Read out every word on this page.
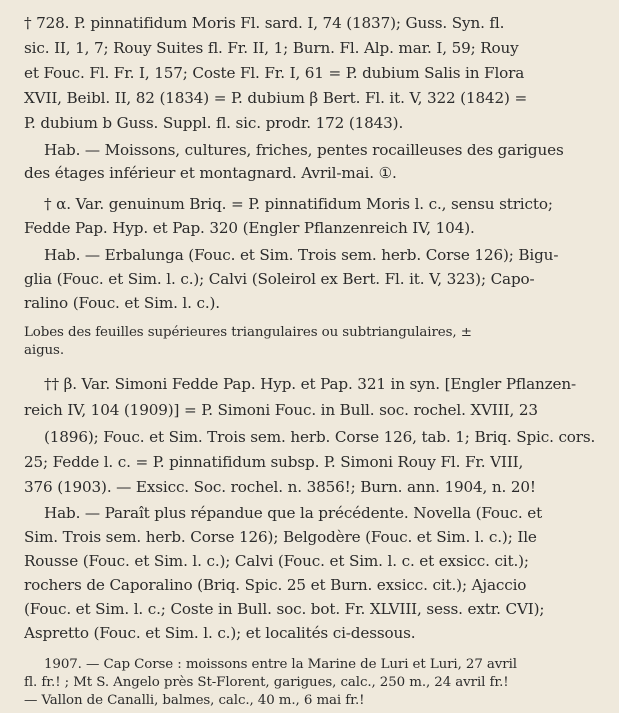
† 728. P. pinnatifidum Moris Fl. sard. I, 74 (1837); Guss. Syn. fl.
sic. II, 1, 7; Rouy Suites fl. Fr. II, 1; Burn. Fl. Alp. mar. I, 59; Rouy
et Fouc. Fl. Fr. I, 157; Coste Fl. Fr. I, 61 = P. dubium Salis in Flora
XVII, Beibl. II, 82 (1834) = P. dubium β Bert. Fl. it. V, 322 (1842) =
P. dubium b Guss. Suppl. fl. sic. prodr. 172 (1843).
Hab. — Moissons, cultures, friches, pentes rocailleuses des garigues
des étages inférieur et montagnard. Avril-mai. ①.
† α. Var. genuinum Briq. = P. pinnatifidum Moris l. c., sensu stricto;
Fedde Pap. Hyp. et Pap. 320 (Engler Pflanzenreich IV, 104).
Hab. — Erbalunga (Fouc. et Sim. Trois sem. herb. Corse 126); Bigu-
glia (Fouc. et Sim. l. c.); Calvi (Soleirol ex Bert. Fl. it. V, 323); Capo-
ralino (Fouc. et Sim. l. c.).
Lobes des feuilles supérieures triangulaires ou subtriangulaires, ±
aigus.
†† β. Var. Simoni Fedde Pap. Hyp. et Pap. 321 in syn. [Engler Pflanzen-
reich IV, 104 (1909)] = P. Simoni Fouc. in Bull. soc. rochel. XVIII, 23
(1896); Fouc. et Sim. Trois sem. herb. Corse 126, tab. 1; Briq. Spic. cors.
25; Fedde l. c. = P. pinnatifidum subsp. P. Simoni Rouy Fl. Fr. VIII,
376 (1903). — Exsicc. Soc. rochel. n. 3856!; Burn. ann. 1904, n. 20!
Hab. — Paraît plus répandue que la précédente. Novella (Fouc. et
Sim. Trois sem. herb. Corse 126); Belgodère (Fouc. et Sim. l. c.); Ile
Rousse (Fouc. et Sim. l. c.); Calvi (Fouc. et Sim. l. c. et exsicc. cit.);
rochers de Caporalino (Briq. Spic. 25 et Burn. exsicc. cit.); Ajaccio
(Fouc. et Sim. l. c.; Coste in Bull. soc. bot. Fr. XLVIII, sess. extr. CVI);
Aspretto (Fouc. et Sim. l. c.); et localités ci-dessous.
1907. — Cap Corse : moissons entre la Marine de Luri et Luri, 27 avril
fl. fr.! ; Mt S. Angelo près St-Florent, garigues, calc., 250 m., 24 avril fr.!
— Vallon de Canalli, balmes, calc., 40 m., 6 mai fr.!
